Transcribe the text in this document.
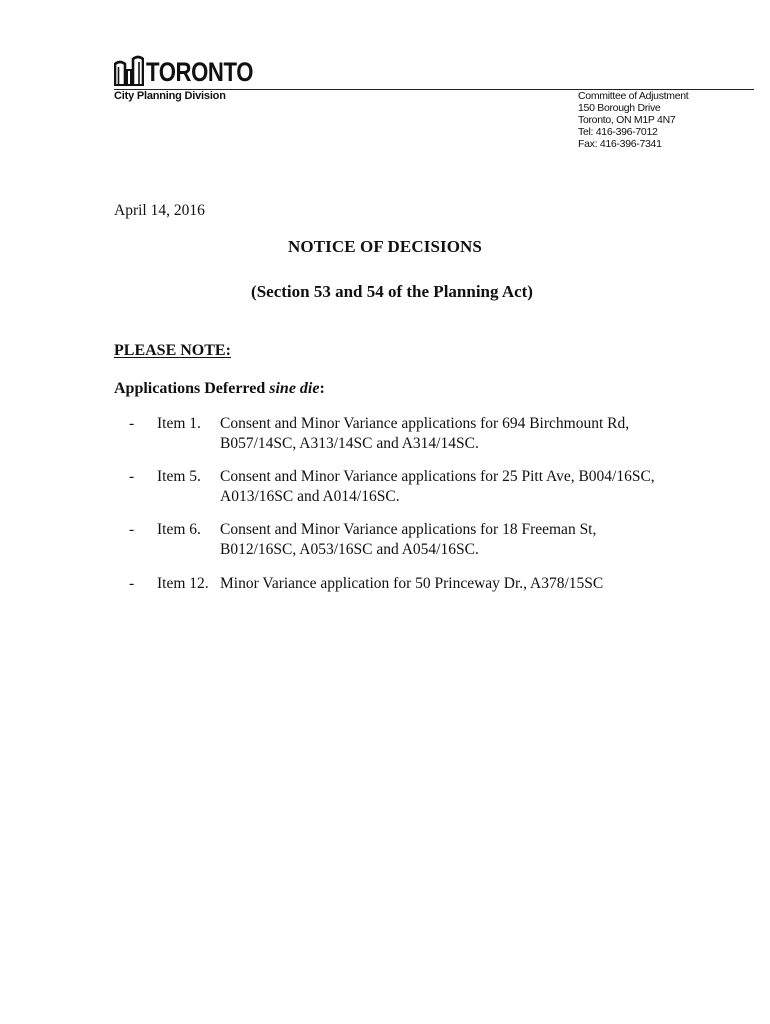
TORONTO
City Planning Division	Committee of Adjustment
150 Borough Drive
Toronto, ON M1P 4N7
Tel: 416-396-7012
Fax: 416-396-7341
April 14, 2016
NOTICE OF DECISIONS
(Section 53 and 54 of the Planning Act)
PLEASE NOTE:
Applications Deferred sine die:
- Item 1. Consent and Minor Variance applications for 694 Birchmount Rd,
B057/14SC, A313/14SC and A314/14SC.
- Item 5. Consent and Minor Variance applications for 25 Pitt Ave, B004/16SC,
A013/16SC and A014/16SC.
- Item 6. Consent and Minor Variance applications for 18 Freeman St,
B012/16SC, A053/16SC and A054/16SC.
- Item 12. Minor Variance application for 50 Princeway Dr., A378/15SC
